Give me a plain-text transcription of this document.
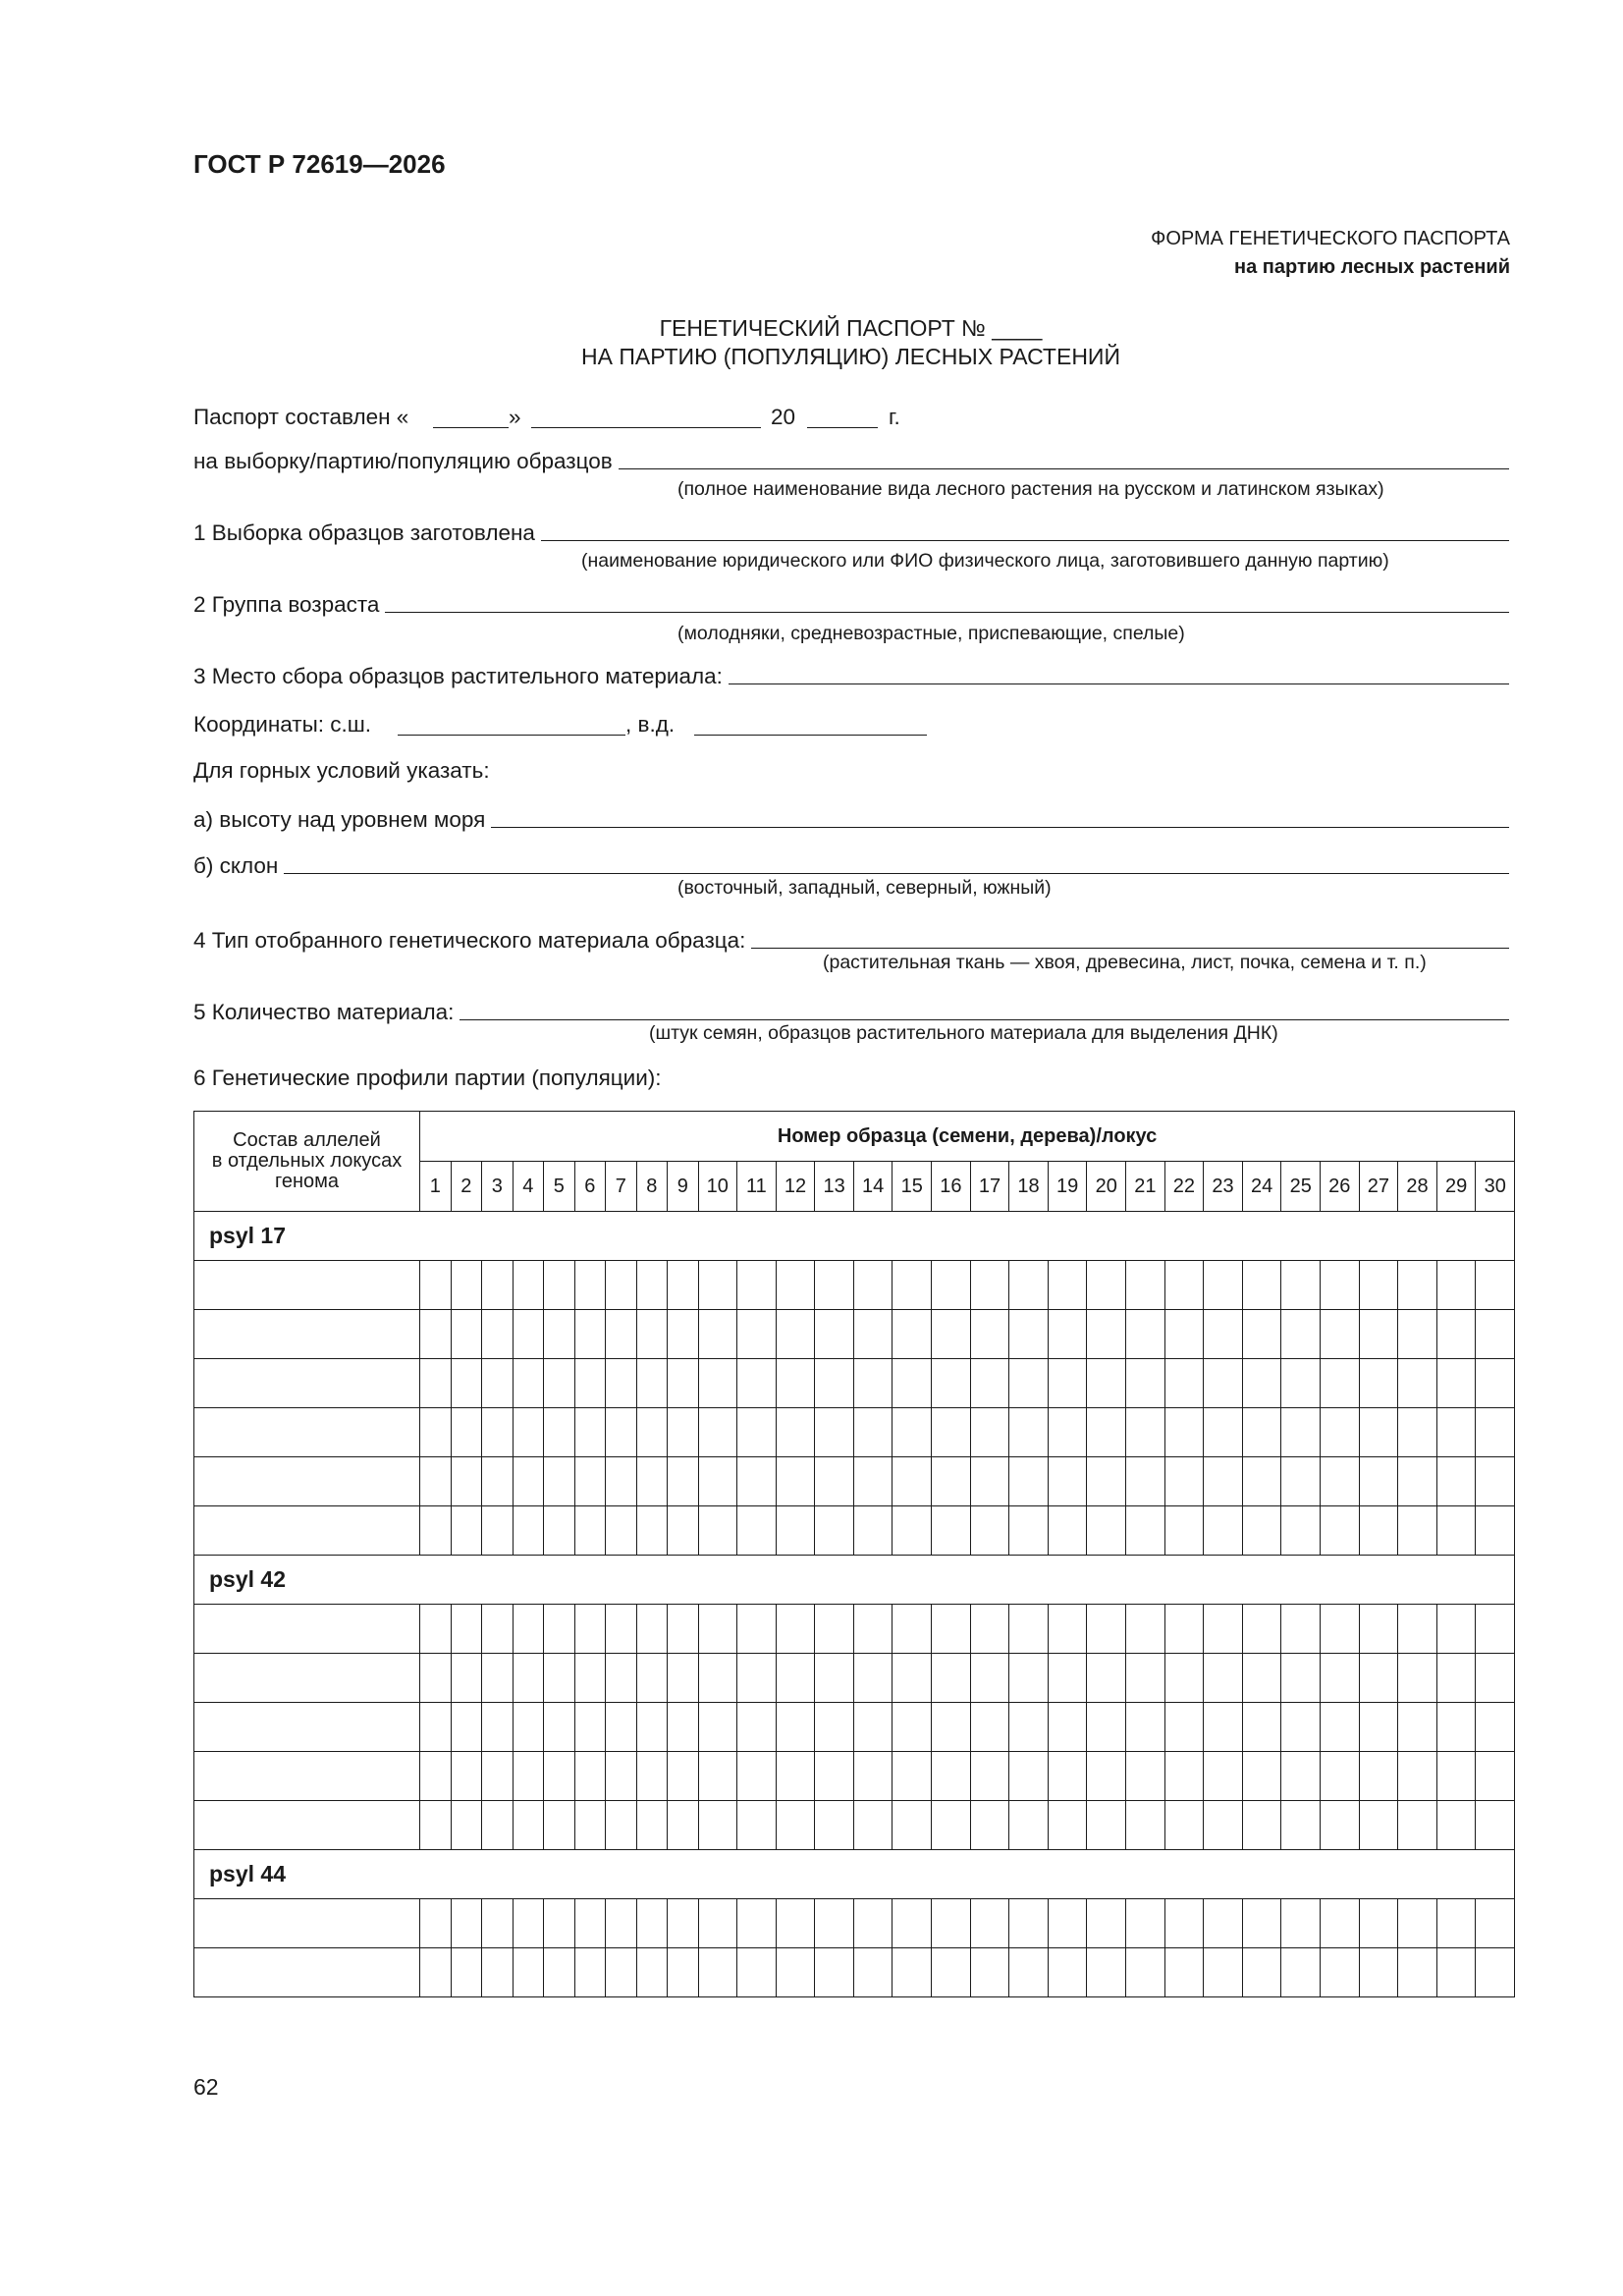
ГОСТ Р 72619—2026
ФОРМА ГЕНЕТИЧЕСКОГО ПАСПОРТА
на партию лесных растений
ГЕНЕТИЧЕСКИЙ ПАСПОРТ № ____
НА ПАРТИЮ (ПОПУЛЯЦИЮ) ЛЕСНЫХ РАСТЕНИЙ
Паспорт составлен «	»	20	г.
на выборку/партию/популяцию образцов
(полное наименование вида лесного растения на русском и латинском языках)
1 Выборка образцов заготовлена
(наименование юридического или ФИО физического лица, заготовившего данную партию)
2 Группа возраста
(молодняки, средневозрастные, приспевающие, спелые)
3 Место сбора образцов растительного материала:
Координаты: с.ш.	, в.д.
Для горных условий указать:
а) высоту над уровнем моря
б) склон
(восточный, западный, северный, южный)
4 Тип отобранного генетического материала образца:
(растительная ткань — хвоя, древесина, лист, почка, семена и т. п.)
5 Количество материала:
(штук семян, образцов растительного материала для выделения ДНК)
6 Генетические профили партии (популяции):
Состав аллелей
в отдельных локусах
генома	Номер образца (семени, дерева)/локус																													
	1	2	3	4	5	6	7	8	9	10	11	12	13	14	15	16	17	18	19	20	21	22	23	24	25	26	27	28	29	30
psyl 17																														

psyl 42																														

psyl 44																														

62
